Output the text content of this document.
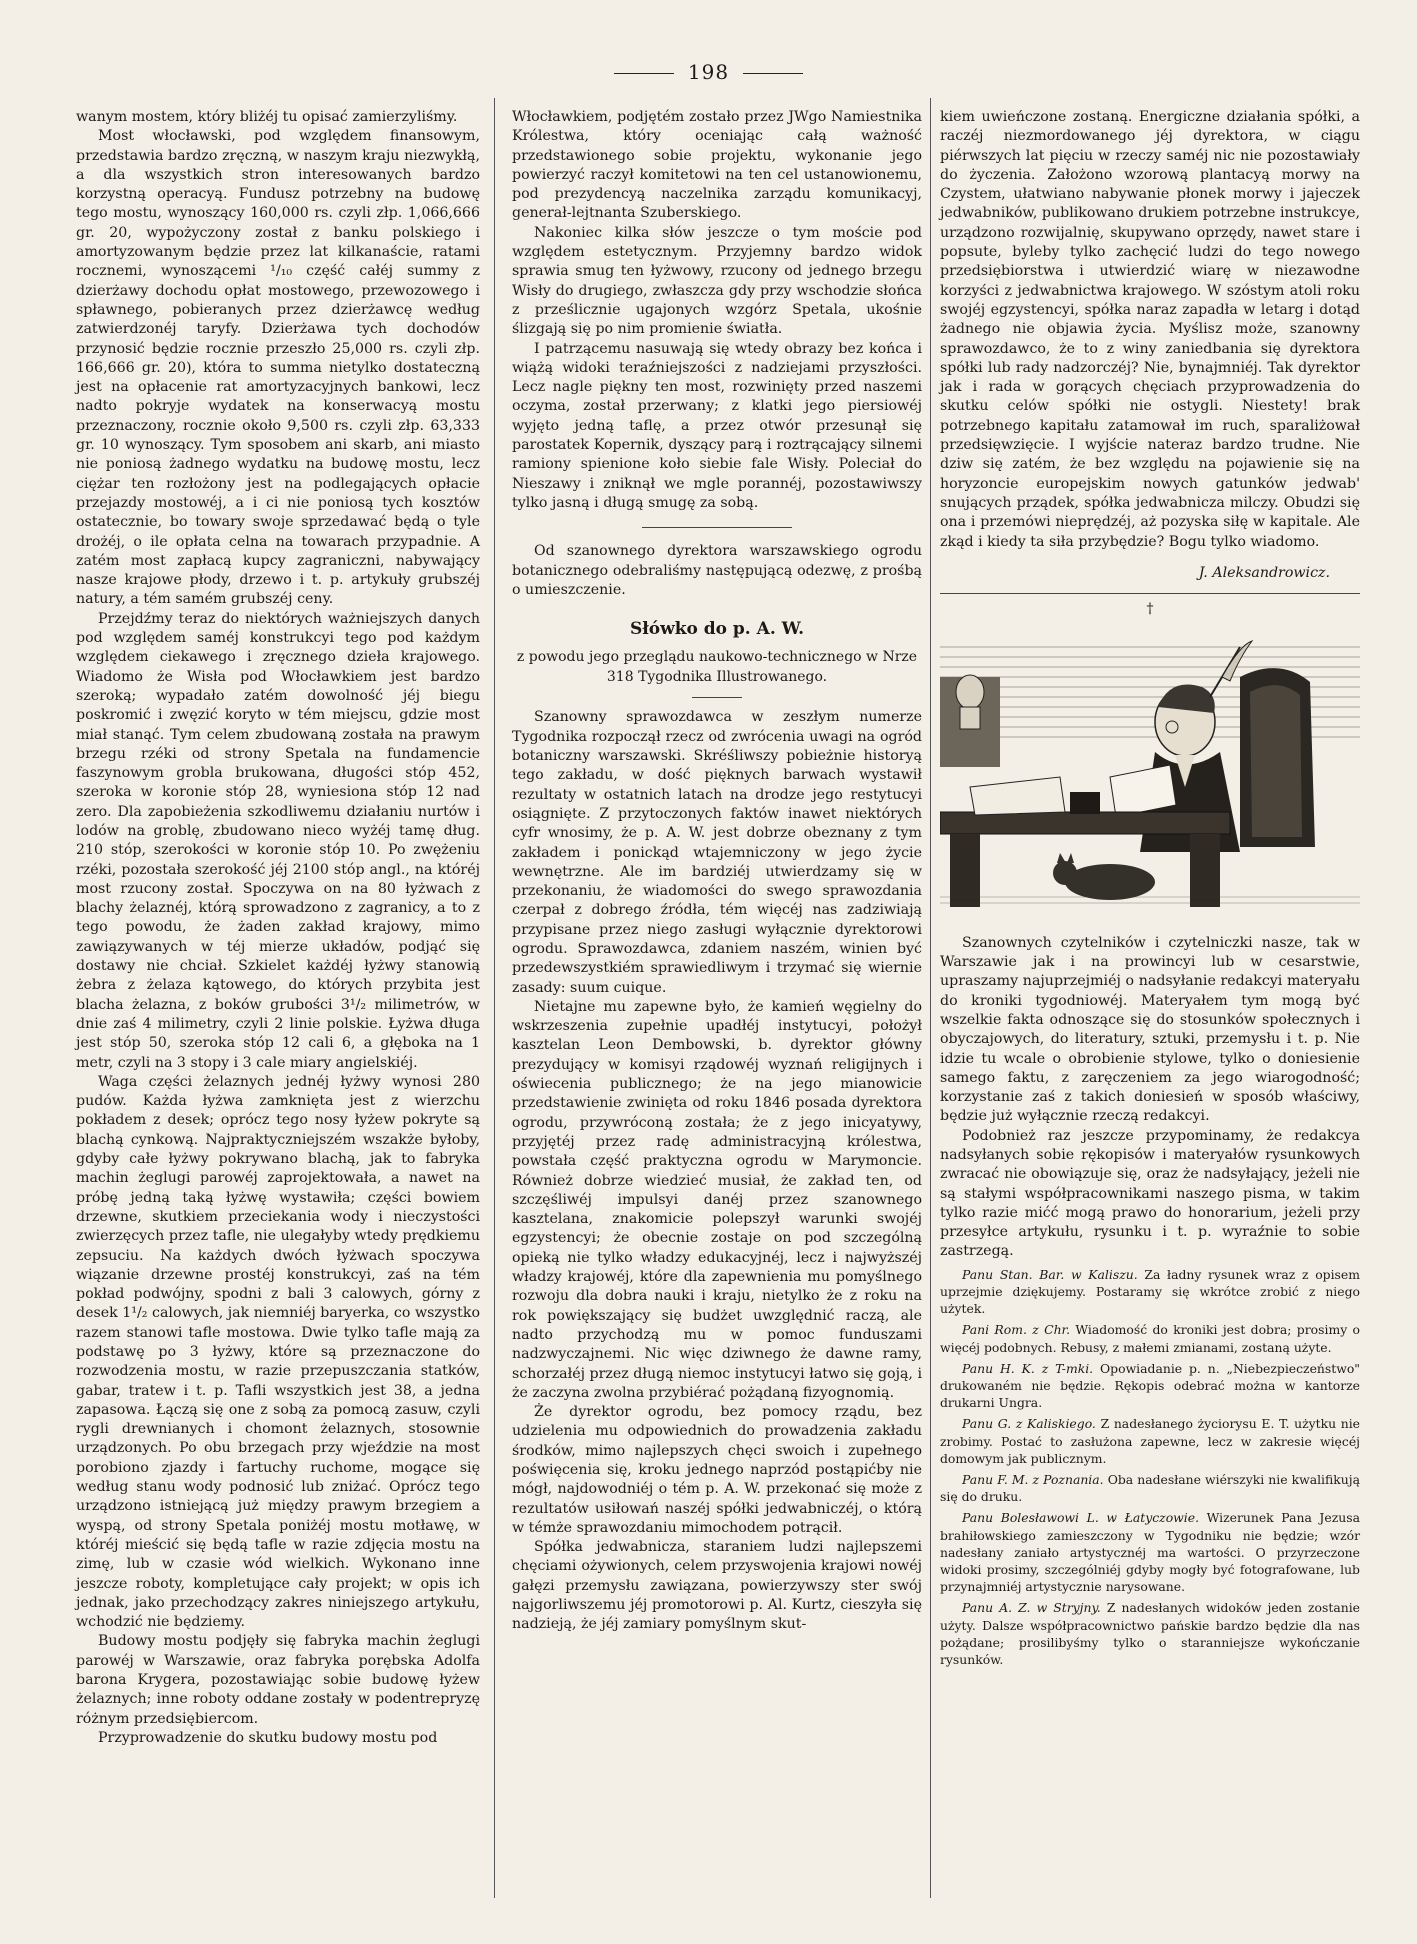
198

wanym mostem, który bliżéj tu opisać zamierzyliśmy.

Most włocławski, pod względem finansowym, przedstawia bardzo zręczną, w naszym kraju niezwykłą, a dla wszystkich stron interesowanych bardzo korzystną operacyą. Fundusz potrzebny na budowę tego mostu, wynoszący 160,000 rs. czyli złp. 1,066,666 gr. 20, wypożyczony został z banku polskiego i amortyzowanym będzie przez lat kilkanaście, ratami rocznemi, wynoszącemi ¹/₁₀ część całéj summy z dzierżawy dochodu opłat mostowego, przewozowego i spławnego, pobieranych przez dzierżawcę według zatwierdzonéj taryfy. Dzierżawa tych dochodów przynosić będzie rocznie przeszło 25,000 rs. czyli złp. 166,666 gr. 20), która to summa nietylko dostateczną jest na opłacenie rat amortyzacyjnych bankowi, lecz nadto pokryje wydatek na konserwacyą mostu przeznaczony, rocznie około 9,500 rs. czyli złp. 63,333 gr. 10 wynoszący. Tym sposobem ani skarb, ani miasto nie poniosą żadnego wydatku na budowę mostu, lecz ciężar ten rozłożony jest na podlegających opłacie przejazdy mostowéj, a i ci nie poniosą tych kosztów ostatecznie, bo towary swoje sprzedawać będą o tyle drożéj, o ile opłata celna na towarach przypadnie. A zatém most zapłacą kupcy zagraniczni, nabywający nasze krajowe płody, drzewo i t. p. artykuły grubszéj natury, a tém samém grubszéj ceny.

Przejdźmy teraz do niektórych ważniejszych danych pod względem saméj konstrukcyi tego pod każdym względem ciekawego i zręcznego dzieła krajowego. Wiadomo że Wisła pod Włocławkiem jest bardzo szeroką; wypadało zatém dowolność jéj biegu poskromić i zwęzić koryto w tém miejscu, gdzie most miał stanąć. Tym celem zbudowaną została na prawym brzegu rzéki od strony Spetala na fundamencie faszynowym grobla brukowana, długości stóp 452, szeroka w koronie stóp 28, wyniesiona stóp 12 nad zero. Dla zapobieżenia szkodliwemu działaniu nurtów i lodów na groblę, zbudowano nieco wyżéj tamę dług. 210 stóp, szerokości w koronie stóp 10. Po zwężeniu rzéki, pozostała szerokość jéj 2100 stóp angl., na któréj most rzucony został. Spoczywa on na 80 łyżwach z blachy żelaznéj, którą sprowadzono z zagranicy, a to z tego powodu, że żaden zakład krajowy, mimo zawiązywanych w téj mierze układów, podjąć się dostawy nie chciał. Szkielet każdéj łyżwy stanowią żebra z żelaza kątowego, do których przybita jest blacha żelazna, z boków grubości 3¹/₂ milimetrów, w dnie zaś 4 milimetry, czyli 2 linie polskie. Łyżwa długa jest stóp 50, szeroka stóp 12 cali 6, a głęboka na 1 metr, czyli na 3 stopy i 3 cale miary angielskiéj.

Waga części żelaznych jednéj łyżwy wynosi 280 pudów. Każda łyżwa zamknięta jest z wierzchu pokładem z desek; oprócz tego nosy łyżew pokryte są blachą cynkową. Najpraktyczniejszém wszakże byłoby, gdyby całe łyżwy pokrywano blachą, jak to fabryka machin żeglugi parowéj zaprojektowała, a nawet na próbę jedną taką łyżwę wystawiła; części bowiem drzewne, skutkiem przeciekania wody i nieczystości zwierzęcych przez tafle, nie ulegałyby wtedy prędkiemu zepsuciu. Na każdych dwóch łyżwach spoczywa wiązanie drzewne prostéj konstrukcyi, zaś na tém pokład podwójny, spodni z bali 3 calowych, górny z desek 1¹/₂ calowych, jak niemniéj baryerka, co wszystko razem stanowi tafle mostowa. Dwie tylko tafle mają za podstawę po 3 łyżwy, które są przeznaczone do rozwodzenia mostu, w razie przepuszczania statków, gabar, tratew i t. p. Tafli wszystkich jest 38, a jedna zapasowa. Łączą się one z sobą za pomocą zasuw, czyli rygli drewnianych i chomont żelaznych, stosownie urządzonych. Po obu brzegach przy wjeździe na most porobiono zjazdy i fartuchy ruchome, mogące się według stanu wody podnosić lub zniżać. Oprócz tego urządzono istniejącą już między prawym brzegiem a wyspą, od strony Spetala poniżéj mostu motławę, w któréj mieścić się będą tafle w razie zdjęcia mostu na zimę, lub w czasie wód wielkich. Wykonano inne jeszcze roboty, kompletujące cały projekt; w opis ich jednak, jako przechodzący zakres niniejszego artykułu, wchodzić nie będziemy.

Budowy mostu podjęły się fabryka machin żeglugi parowéj w Warszawie, oraz fabryka porębska Adolfa barona Krygera, pozostawiając sobie budowę łyżew żelaznych; inne roboty oddane zostały w podentrepryzę różnym przedsiębiercom.

Przyprowadzenie do skutku budowy mostu pod

Włocławkiem, podjętém zostało przez JWgo Namiestnika Królestwa, który oceniając całą ważność przedstawionego sobie projektu, wykonanie jego powierzyć raczył komitetowi na ten cel ustanowionemu, pod prezydencyą naczelnika zarządu komunikacyj, generał-lejtnanta Szuberskiego.

Nakoniec kilka słów jeszcze o tym moście pod względem estetycznym. Przyjemny bardzo widok sprawia smug ten łyżwowy, rzucony od jednego brzegu Wisły do drugiego, zwłaszcza gdy przy wschodzie słońca z prześlicznie ugajonych wzgórz Spetala, ukośnie ślizgają się po nim promienie światła.

I patrzącemu nasuwają się wtedy obrazy bez końca i wiążą widoki teraźniejszości z nadziejami przyszłości. Lecz nagle piękny ten most, rozwinięty przed naszemi oczyma, został przerwany; z klatki jego piersiowéj wyjęto jedną taflę, a przez otwór przesunął się parostatek Kopernik, dyszący parą i roztrącający silnemi ramiony spienione koło siebie fale Wisły. Poleciał do Nieszawy i zniknął we mgle porannéj, pozostawiwszy tylko jasną i długą smugę za sobą.

Od szanownego dyrektora warszawskiego ogrodu botanicznego odebraliśmy następującą odezwę, z prośbą o umieszczenie.

Słówko do p. A. W.
z powodu jego przeglądu naukowo-technicznego w Nrze 318 Tygodnika Illustrowanego.

Szanowny sprawozdawca w zeszłym numerze Tygodnika rozpoczął rzecz od zwrócenia uwagi na ogród botaniczny warszawski. Skréśliwszy pobieżnie historyą tego zakładu, w dość pięknych barwach wystawił rezultaty w ostatnich latach na drodze jego restytucyi osiągnięte. Z przytoczonych faktów inawet niektórych cyfr wnosimy, że p. A. W. jest dobrze obeznany z tym zakładem i ponickąd wtajemniczony w jego życie wewnętrzne. Ale im bardziéj utwierdzamy się w przekonaniu, że wiadomości do swego sprawozdania czerpał z dobrego źródła, tém więcéj nas zadziwiają przypisane przez niego zasługi wyłącznie dyrektorowi ogrodu. Sprawozdawca, zdaniem naszém, winien być przedewszystkiém sprawiedliwym i trzymać się wiernie zasady: suum cuique.

Nietajne mu zapewne było, że kamień węgielny do wskrzeszenia zupełnie upadłéj instytucyi, położył kasztelan Leon Dembowski, b. dyrektor główny prezydujący w komisyi rządowéj wyznań religijnych i oświecenia publicznego; że na jego mianowicie przedstawienie zwinięta od roku 1846 posada dyrektora ogrodu, przywróconą została; że z jego inicyatywy, przyjętéj przez radę administracyjną królestwa, powstała część praktyczna ogrodu w Marymoncie. Również dobrze wiedzieć musiał, że zakład ten, od szczęśliwéj impulsyi danéj przez szanownego kasztelana, znakomicie polepszył warunki swojéj egzystencyi; że obecnie zostaje on pod szczególną opieką nie tylko władzy edukacyjnéj, lecz i najwyższéj władzy krajowéj, które dla zapewnienia mu pomyślnego rozwoju dla dobra nauki i kraju, nietylko że z roku na rok powiększający się budżet uwzględnić raczą, ale nadto przychodzą mu w pomoc funduszami nadzwyczajnemi. Nic więc dziwnego że dawne ramy, schorzałéj przez długą niemoc instytucyi łatwo się goją, i że zaczyna zwolna przybiérać pożądaną fizyognomią.

Że dyrektor ogrodu, bez pomocy rządu, bez udzielenia mu odpowiednich do prowadzenia zakładu środków, mimo najlepszych chęci swoich i zupełnego poświęcenia się, kroku jednego naprzód postąpićby nie mógł, najdowodniéj o tém p. A. W. przekonać się może z rezultatów usiłowań naszéj spółki jedwabniczéj, o którą w témże sprawozdaniu mimochodem potrącił.

Spółka jedwabnicza, staraniem ludzi najlepszemi chęciami ożywionych, celem przyswojenia krajowi nowéj gałęzi przemysłu zawiązana, powierzywszy ster swój najgorliwszemu jéj promotorowi p. Al. Kurtz, cieszyła się nadzieją, że jéj zamiary pomyślnym skut-

kiem uwieńczone zostaną. Energiczne działania spółki, a raczéj niezmordowanego jéj dyrektora, w ciągu piérwszych lat pięciu w rzeczy saméj nic nie pozostawiały do życzenia. Założono wzorową plantacyą morwy na Czystem, ułatwiano nabywanie płonek morwy i jajeczek jedwabników, publikowano drukiem potrzebne instrukcye, urządzono rozwijalnię, skupywano oprzędy, nawet stare i popsute, byleby tylko zachęcić ludzi do tego nowego przedsiębiorstwa i utwierdzić wiarę w niezawodne korzyści z jedwabnictwa krajowego. W szóstym atoli roku swojéj egzystencyi, spółka naraz zapadła w letarg i dotąd żadnego nie objawia życia. Myślisz może, szanowny sprawozdawco, że to z winy zaniedbania się dyrektora spółki lub rady nadzorczéj? Nie, bynajmniéj. Tak dyrektor jak i rada w gorących chęciach przyprowadzenia do skutku celów spółki nie ostygli. Niestety! brak potrzebnego kapitału zatamował im ruch, sparaliżował przedsięwzięcie. I wyjście nateraz bardzo trudne. Nie dziw się zatém, że bez względu na pojawienie się na horyzoncie europejskim nowych gatunków jedwab' snujących prządek, spółka jedwabnicza milczy. Obudzi się ona i przemówi nieprędzéj, aż pozyska siłę w kapitale. Ale zkąd i kiedy ta siła przybędzie? Bogu tylko wiadomo.

J. Aleksandrowicz.
†

Szanownych czytelników i czytelniczki nasze, tak w Warszawie jak i na prowincyi lub w cesarstwie, upraszamy najuprzejmiéj o nadsyłanie redakcyi materyału do kroniki tygodniowéj. Materyałem tym mogą być wszelkie fakta odnoszące się do stosunków społecznych i obyczajowych, do literatury, sztuki, przemysłu i t. p. Nie idzie tu wcale o obrobienie stylowe, tylko o doniesienie samego faktu, z zaręczeniem za jego wiarogodność; korzystanie zaś z takich doniesień w sposób właściwy, będzie już wyłącznie rzeczą redakcyi.

Podobnież raz jeszcze przypominamy, że redakcya nadsyłanych sobie rękopisów i materyałów rysunkowych zwracać nie obowiązuje się, oraz że nadsyłający, jeżeli nie są stałymi współpracownikami naszego pisma, w takim tylko razie mićć mogą prawo do honorarium, jeżeli przy przesyłce artykułu, rysunku i t. p. wyraźnie to sobie zastrzegą.

Panu Stan. Bar. w Kaliszu. Za ładny rysunek wraz z opisem uprzejmie dziękujemy. Postaramy się wkrótce zrobić z niego użytek.

Pani Rom. z Chr. Wiadomość do kroniki jest dobra; prosimy o więcéj podobnych. Rebusy, z małemi zmianami, zostaną użyte.

Panu H. K. z T-mki. Opowiadanie p. n. „Niebezpieczeństwo" drukowaném nie będzie. Rękopis odebrać można w kantorze drukarni Ungra.

Panu G. z Kaliskiego. Z nadesłanego życiorysu E. T. użytku nie zrobimy. Postać to zasłużona zapewne, lecz w zakresie więcéj domowym jak publicznym.

Panu F. M. z Poznania. Oba nadesłane wiérszyki nie kwalifikują się do druku.

Panu Bolesławowi L. w Łatyczowie. Wizerunek Pana Jezusa brahiłowskiego zamieszczony w Tygodniku nie będzie; wzór nadesłany zaniało artystycznéj ma wartości. O przyrzeczone widoki prosimy, szczególniéj gdyby mogły być fotografowane, lub przynajmniéj artystycznie narysowane.

Panu A. Z. w Stryjny. Z nadesłanych widoków jeden zostanie użyty. Dalsze współpracownictwo pańskie bardzo będzie dla nas pożądane; prosilibyśmy tylko o staranniejsze wykończanie rysunków.
